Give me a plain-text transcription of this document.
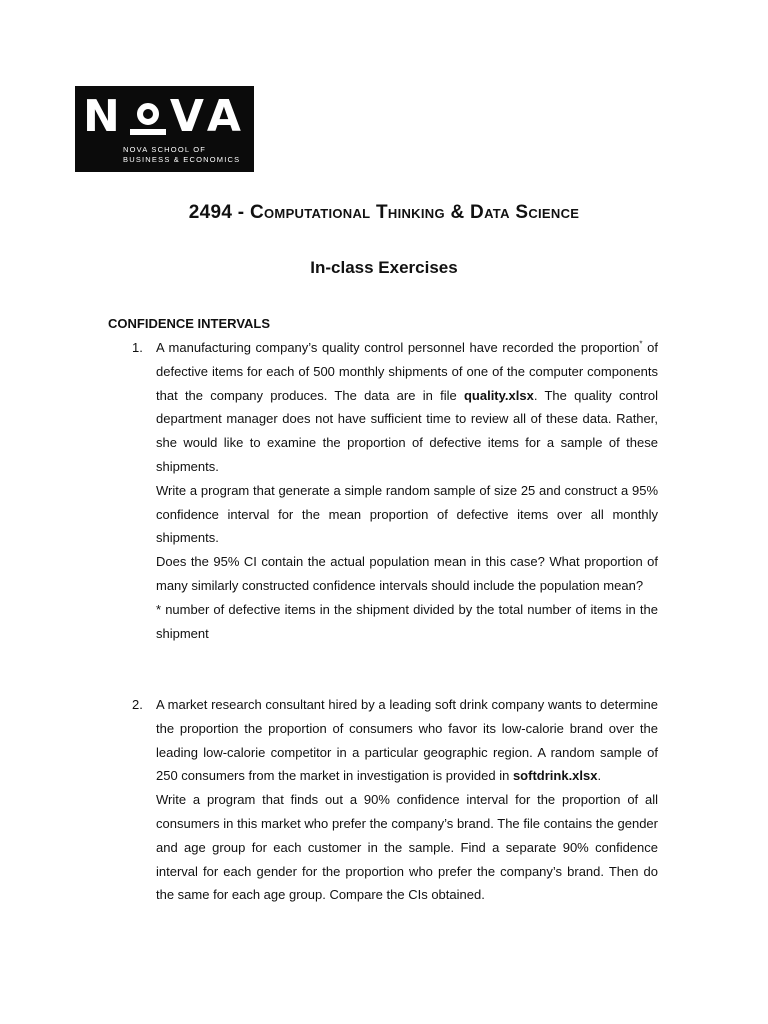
N VA
NOVA SCHOOL OF
BUSINESS & ECONOMICS
2494 - Computational Thinking & Data Science
In-class Exercises
CONFIDENCE INTERVALS
1. A manufacturing company’s quality control personnel have recorded the proportion* of defective items for each of 500 monthly shipments of one of the computer components that the company produces. The data are in file quality.xlsx. The quality control department manager does not have sufficient time to review all of these data. Rather, she would like to examine the proportion of defective items for a sample of these shipments.

Write a program that generate a simple random sample of size 25 and construct a 95% confidence interval for the mean proportion of defective items over all monthly shipments.

Does the 95% CI contain the actual population mean in this case? What proportion of many similarly constructed confidence intervals should include the population mean?

* number of defective items in the shipment divided by the total number of items in the shipment

2. A market research consultant hired by a leading soft drink company wants to determine the proportion the proportion of consumers who favor its low-calorie brand over the leading low-calorie competitor in a particular geographic region. A random sample of 250 consumers from the market in investigation is provided in softdrink.xlsx.

Write a program that finds out a 90% confidence interval for the proportion of all consumers in this market who prefer the company’s brand. The file contains the gender and age group for each customer in the sample. Find a separate 90% confidence interval for each gender for the proportion who prefer the company’s brand. Then do the same for each age group. Compare the CIs obtained.
